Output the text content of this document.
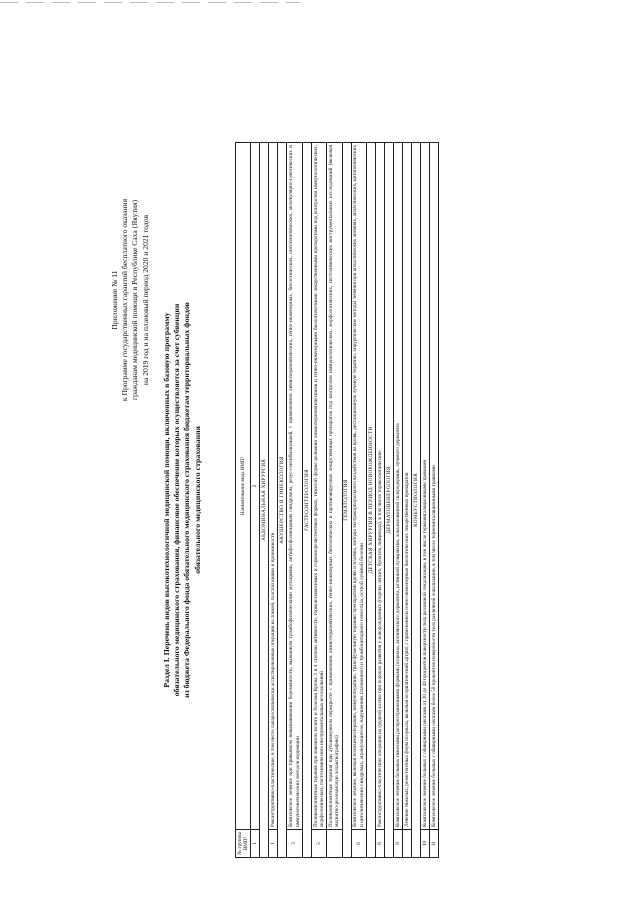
Приложение № 11 к Программе государственных гарантий бесплатного оказания гражданам медицинской помощи в Республике Саха (Якутия) на 2019 год и на плановый период 2020 и 2021 годов
Раздел I. Перечень видов высокотехнологичной медицинской помощи, включенных в базовую программу обязательного медицинского страхования, финансовое обеспечение которых осуществляется за счет субвенции из бюджета Федерального фонда обязательного медицинского страхования бюджетам территориальных фондов обязательного медицинского страхования
№ группы ВМП¹	Наименование вида ВМП¹
1	2
АБДОМИНАЛЬНАЯ ХИРУРГИЯ	
1	Реконструктивно-пластические, в том числе лапароскопически ассистированные операции на тонкой, толстой кишке и промежности
АКУШЕРСТВО И ГИНЕКОЛОГИЯ	
3	Комплексное лечение при привычном невынашивании беременности, вызванном тромбофилическими мутациями, антифосфолипидным синдромом, резус-сенсибилизацией, с применением химиотерапевтических, генно-инженерных, биологических, онтогенетических, молекулярно-генетических и иммуногенетических методов коррекции
ГАСТРОЭНТЕРОЛОГИЯ	
5	Поликомпонентная терапия при язвенном колите и болезни Крона 3 и 4 степени активности, гормонозависимых и гормонорезистентных формах, тяжелой форме целиакии химиотерапевтическими и генно-инженерными биологическими лекарственными препаратами под контролем иммунологических, морфологических, гистохимических инструментальных исследований
	Поликомпонентная терапия при аутоиммунном перекресте с применением химиотерапевтических, генно-инженерных биологических и противовирусных лекарственных препаратов под контролем иммунологических, морфологических, гистохимических инструментальных исследований (включая магнитно-резонансную холангиографию)
ГЕМАТОЛОГИЯ	
6	Комплексное лечение, включая полихимиотерапию, иммунотерапию, трансфузионную терапию препаратами крови и плазмы, методы экстракорпорального воздействия на кровь, дистанционную лучевую терапию, хирургические методы лечения при апластических анемиях, апластических, цитопенических и цитолитических синдромах, агранулоцитозе, нарушениях плазменного и тромбоцитарного гемостаза, острой лучевой болезни
ДЕТСКАЯ ХИРУРГИЯ В ПЕРИОД НОВОРОЖДЕННОСТИ	
8	Реконструктивно-пластические операции на грудной клетке при пороках развития у новорожденных (пороки легких, бронхов, пищевода), в том числе торакоскопические
ДЕРМАТОВЕНЕРОЛОГИЯ	
9	Комплексное лечение больных тяжелыми распространенными формами псориаза, атопического дерматита, истинной пузырчатки, локализованной склеродермии, лучевого дерматита
	Лечение тяжелых, резистентных форм псориаза, включая псориатический артрит, с применением генно-инженерных биологических лекарственных препаратов
КОМБУСТИОЛОГИЯ	
10	Комплексное лечение больных с обширными ожогами от 30 до 49 процентов поверхности тела различной локализации, в том числе термоингаляционными травмами
11	Комплексное лечение больных с обширными ожогами более 50 процентов поверхности тела различной локализации, в том числе термоингаляционными травмами
